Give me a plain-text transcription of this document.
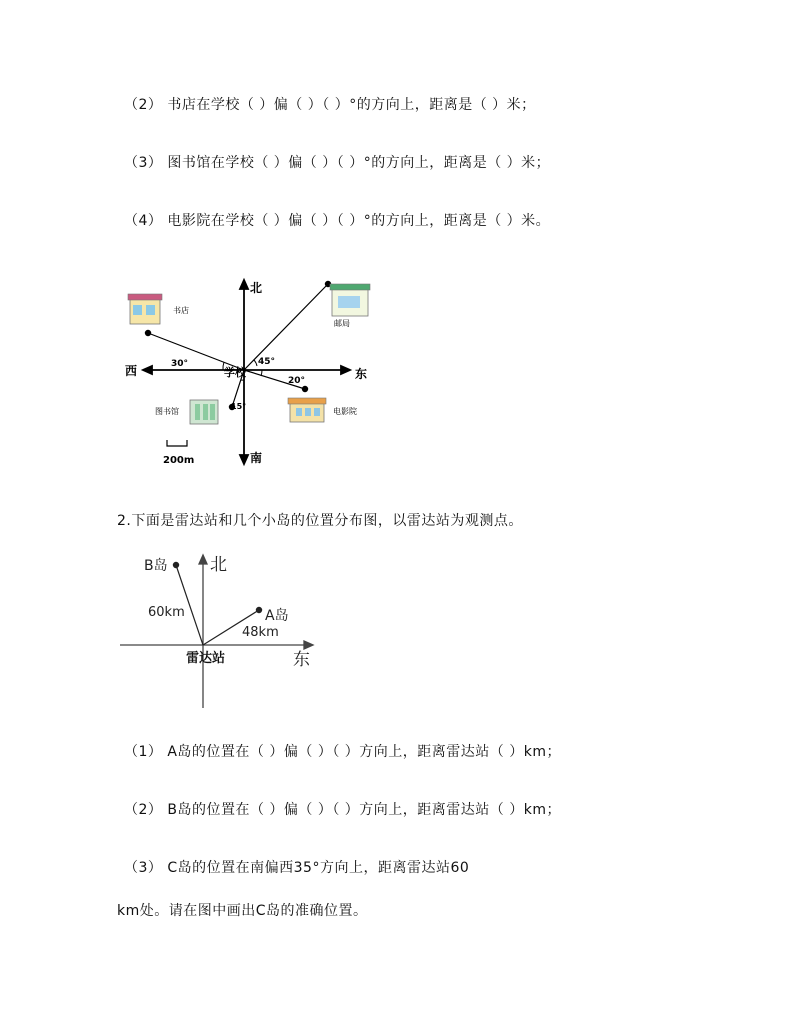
（2） 书店在学校（ ）偏（ ）（ ）°的方向上，距离是（ ）米；
（3） 图书馆在学校（ ）偏（ ）（ ）°的方向上，距离是（ ）米；
（4） 电影院在学校（ ）偏（ ）（ ）°的方向上，距离是（ ）米。
北
南
东
西	学校
30°	45°
20°
15°
书店
邮局
图书馆	电影院
200m
2.下面是雷达站和几个小岛的位置分布图，以雷达站为观测点。
北
东
雷达站
B岛
60km	A岛
48km
（1） A岛的位置在（ ）偏（ ）（ ）方向上，距离雷达站（ ）km；
（2） B岛的位置在（ ）偏（ ）（ ）方向上，距离雷达站（ ）km；
（3） C岛的位置在南偏西35°方向上，距离雷达站60
km处。请在图中画出C岛的准确位置。
